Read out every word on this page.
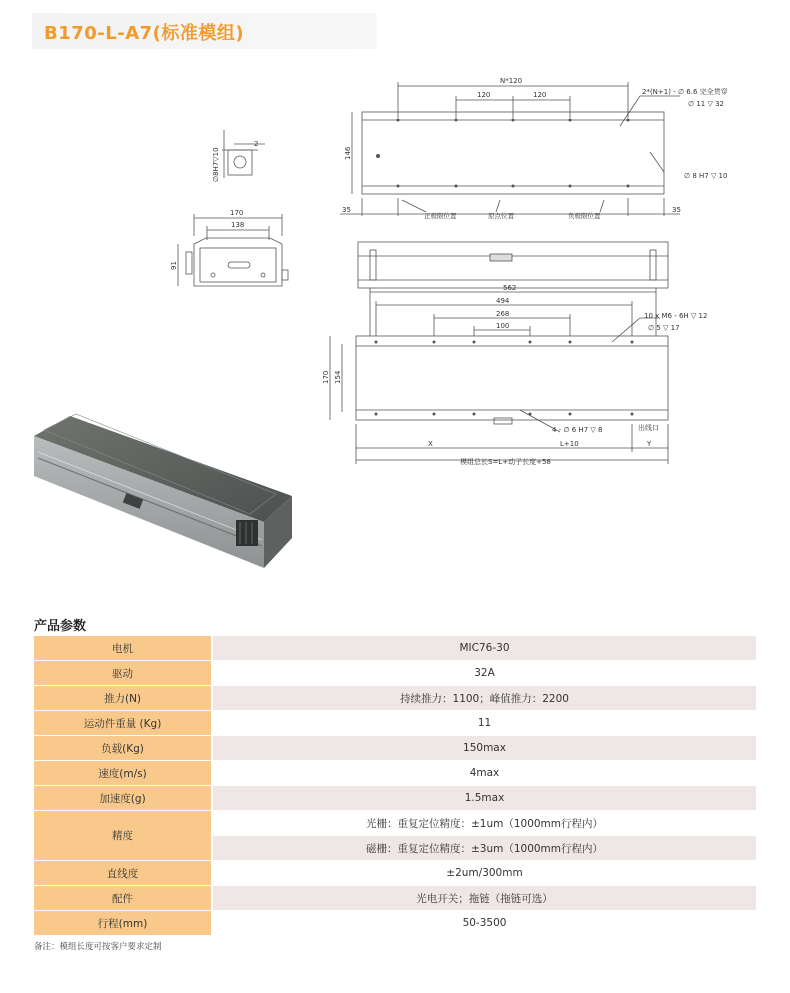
B170-L-A7(标准模组)
2
∅8H7▽10
170
138
91
N*120
120	120	2*(N+1) - ∅ 6.6 完全贯穿
∅ 11 ▽ 32
146
∅ 8 H7 ▽ 10
35	35
正极限位置	原点位置	负极限位置
562
494
268
100
10 x M6 - 6H ▽ 12
∅ 5 ▽ 17
170 154
4 - ∅ 6 H7 ▽ 8	出线口
X	L+10	Y
模组总长S=L+动子长度+58
产品参数
电机	MIC76-30
驱动	32A
推力(N)	持续推力：1100；峰值推力：2200
运动件重量 (Kg)	11
负载(Kg)	150max
速度(m/s)	4max
加速度(g)	1.5max
精度	光栅：重复定位精度：±1um（1000mm行程内）
	磁栅：重复定位精度：±3um（1000mm行程内）
直线度	±2um/300mm
配件	光电开关；拖链（拖链可选）
行程(mm)	50-3500
备注：模组长度可按客户要求定制
